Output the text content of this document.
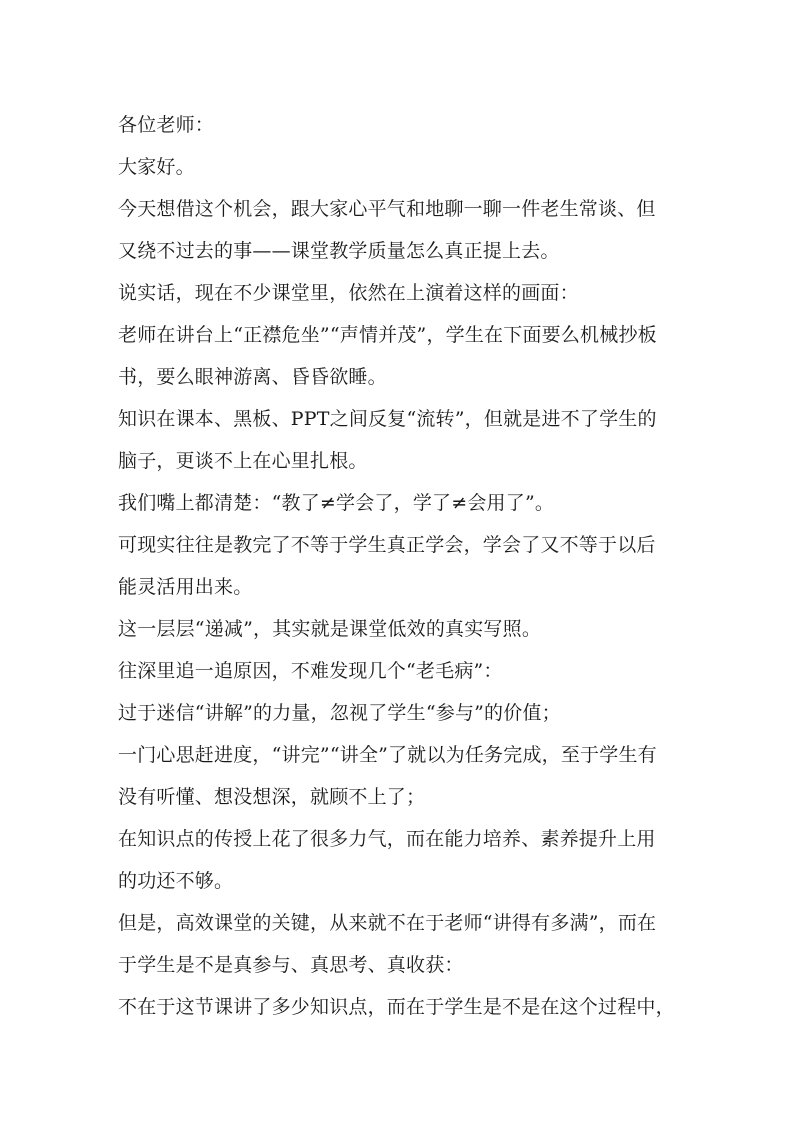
各位老师：
大家好。
今天想借这个机会，跟大家心平气和地聊一聊一件老生常谈、但
又绕不过去的事——课堂教学质量怎么真正提上去。
说实话，现在不少课堂里，依然在上演着这样的画面：
老师在讲台上“正襟危坐”“声情并茂”，学生在下面要么机械抄板
书，要么眼神游离、昏昏欲睡。
知识在课本、黑板、PPT之间反复“流转”，但就是进不了学生的
脑子，更谈不上在心里扎根。
我们嘴上都清楚：“教了≠学会了，学了≠会用了”。
可现实往往是教完了不等于学生真正学会，学会了又不等于以后
能灵活用出来。
这一层层“递减”，其实就是课堂低效的真实写照。
往深里追一追原因，不难发现几个“老毛病”：
过于迷信“讲解”的力量，忽视了学生“参与”的价值；
一门心思赶进度，“讲完”“讲全”了就以为任务完成，至于学生有
没有听懂、想没想深，就顾不上了；
在知识点的传授上花了很多力气，而在能力培养、素养提升上用
的功还不够。
但是，高效课堂的关键，从来就不在于老师“讲得有多满”，而在
于学生是不是真参与、真思考、真收获：
不在于这节课讲了多少知识点，而在于学生是不是在这个过程中，
